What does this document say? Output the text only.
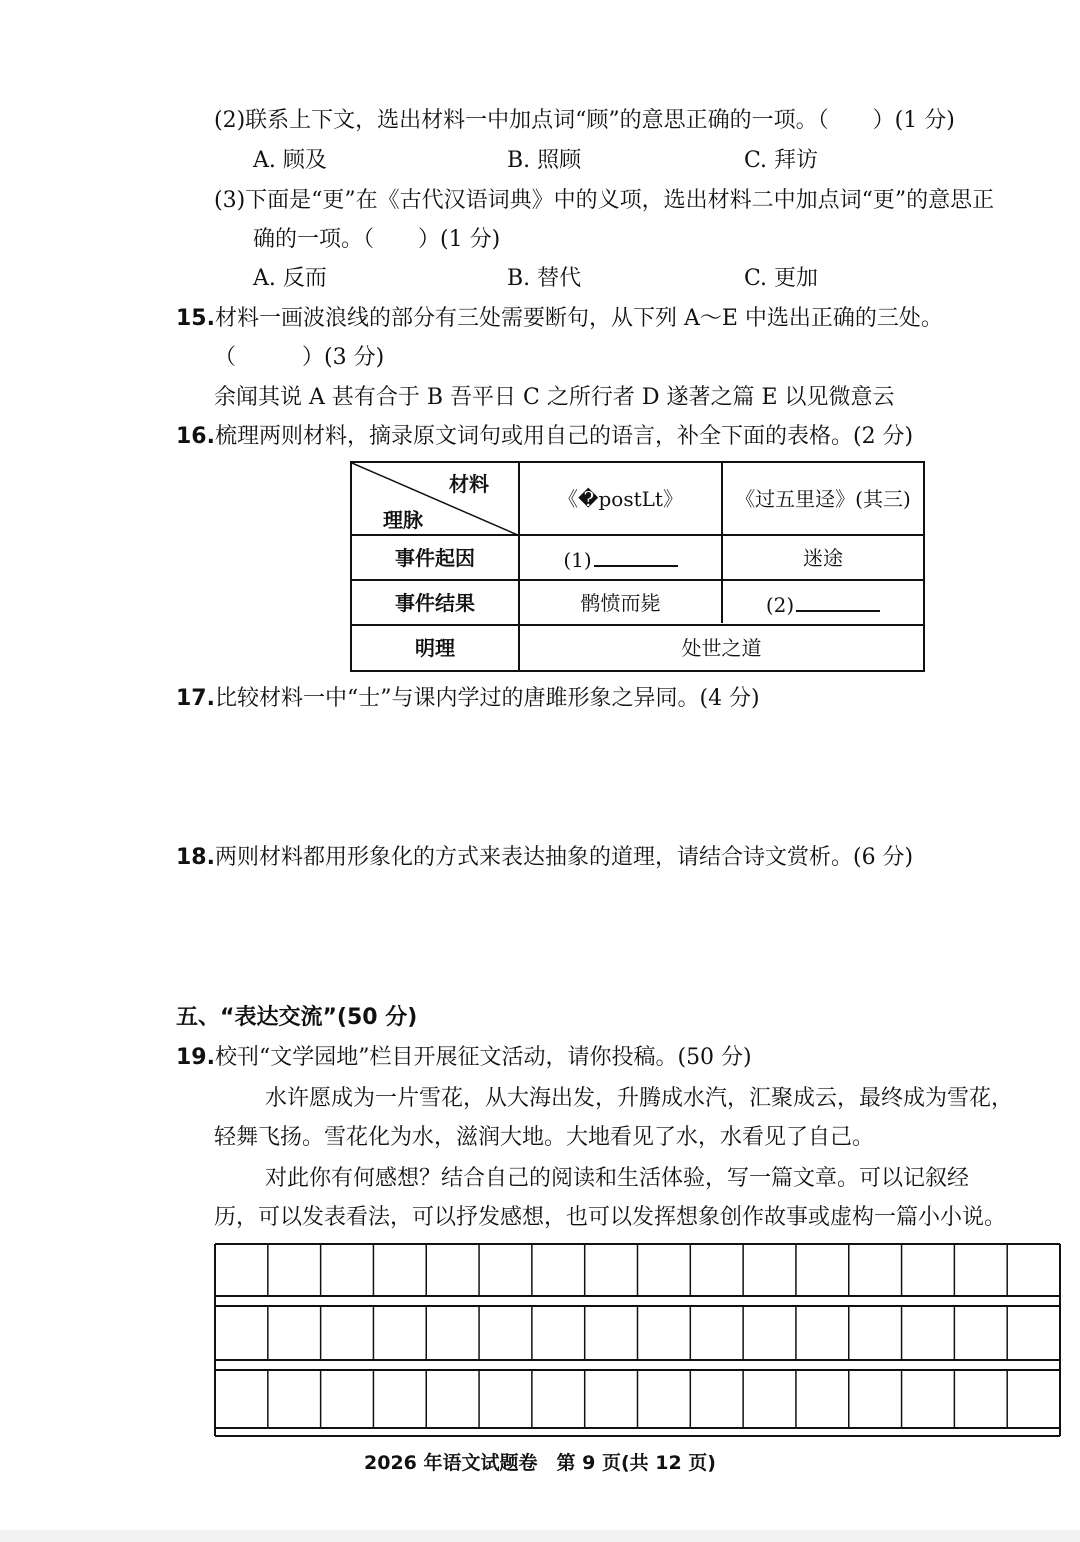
(2)联系上下文，选出材料一中加点词“顾”的意思正确的一项。（　　）(1 分)
A. 顾及	B. 照顾	C. 拜访
(3)下面是“更”在《古代汉语词典》中的义项，选出材料二中加点词“更”的意思正
确的一项。（　　）(1 分)
A. 反而	B. 替代	C. 更加
15.材料一画波浪线的部分有三处需要断句，从下列 A～E 中选出正确的三处。
（　　　）(3 分)
余闻其说 A 甚有合于 B 吾平日 C 之所行者 D 遂著之篇 E 以见微意云
16.梳理两则材料，摘录原文词句或用自己的语言，补全下面的表格。(2 分)
材料
理脉
《�postLt》	《过五里迳》(其三)
事件起因	(1)	迷途
事件结果	鹘愤而毙	(2)
明理	处世之道
17.比较材料一中“士”与课内学过的唐雎形象之异同。(4 分)
18.两则材料都用形象化的方式来表达抽象的道理，请结合诗文赏析。(6 分)
五、“表达交流”(50 分)
19.校刊“文学园地”栏目开展征文活动，请你投稿。(50 分)
水许愿成为一片雪花，从大海出发，升腾成水汽，汇聚成云，最终成为雪花，
轻舞飞扬。雪花化为水，滋润大地。大地看见了水，水看见了自己。
对此你有何感想？结合自己的阅读和生活体验，写一篇文章。可以记叙经
历，可以发表看法，可以抒发感想，也可以发挥想象创作故事或虚构一篇小小说。
2026 年语文试题卷　第 9 页(共 12 页)
